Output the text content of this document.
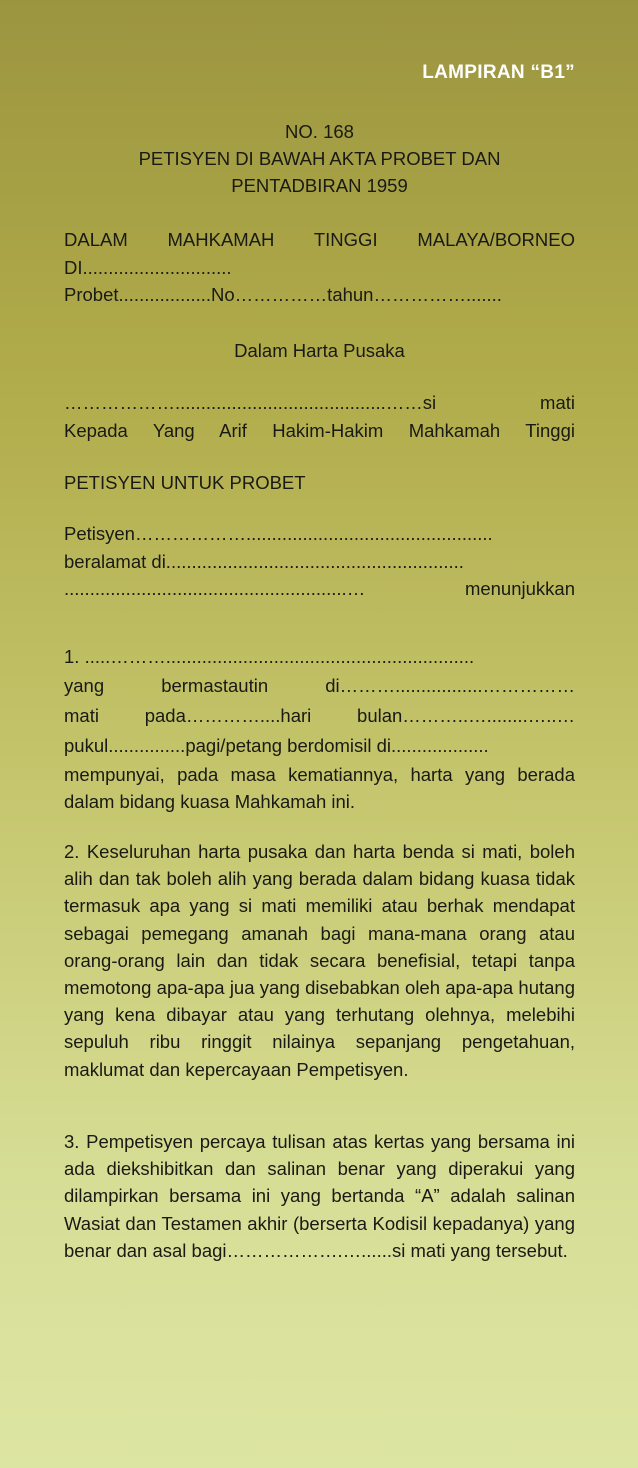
LAMPIRAN “B1”
NO. 168
PETISYEN DI BAWAH AKTA PROBET DAN
PENTADBIRAN 1959
DALAM MAHKAMAH TINGGI MALAYA/BORNEO
DI.............................
Probet..................No……………tahun…………….......
Dalam Harta Pusaka
……………….........................................……si mati
Kepada Yang Arif Hakim-Hakim Mahkamah Tinggi
PETISYEN UNTUK PROBET
Petisyen………………................................................
beralamat di..........................................................
.......................................................… menunjukkan
1. .....………............................................................
yang bermastautin di……….................……………
mati pada…………....hari bulan………..…........…..…
pukul...............pagi/petang berdomisil di...................
mempunyai, pada masa kematiannya, harta yang berada dalam bidang kuasa Mahkamah ini.
2. Keseluruhan harta pusaka dan harta benda si mati, boleh alih dan tak boleh alih yang berada dalam bidang kuasa tidak termasuk apa yang si mati memiliki atau berhak mendapat sebagai pemegang amanah bagi mana-mana orang atau orang-orang lain dan tidak secara benefisial, tetapi tanpa memotong apa-apa jua yang disebabkan oleh apa-apa hutang yang kena dibayar atau yang terhutang olehnya, melebihi sepuluh ribu ringgit nilainya sepanjang pengetahuan, maklumat dan kepercayaan Pempetisyen.
3. Pempetisyen percaya tulisan atas kertas yang bersama ini ada diekshibitkan dan salinan benar yang diperakui yang dilampirkan bersama ini yang bertanda “A” adalah salinan Wasiat dan Testamen akhir (berserta Kodisil kepadanya) yang benar dan asal bagi……………….…......si mati yang tersebut.
